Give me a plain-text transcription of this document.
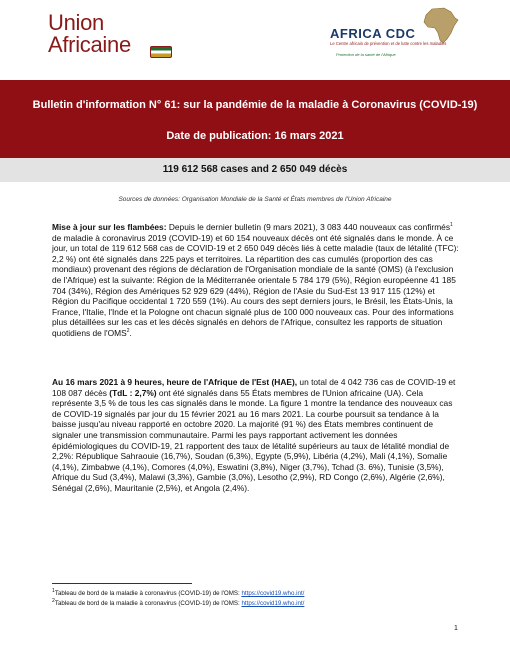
Union
Africaine	AFRICA CDC
Le Centre africain de prévention et de lutte contre les maladies
Protection de la santé de l'Afrique
Bulletin d'information N° 61: sur la pandémie de la maladie à Coronavirus (COVID-19)
Date de publication: 16 mars 2021
119 612 568 cases and 2 650 049 décès
Sources de données: Organisation Mondiale de la Santé et États membres de l'Union Africaine
Mise à jour sur les flambées: Depuis le dernier bulletin (9 mars 2021), 3 083 440 nouveaux cas confirmés$^1$ de maladie à coronavirus 2019 (COVID-19) et 60 154 nouveaux décès ont été signalés dans le monde. À ce jour, un total de 119 612 568 cas de COVID-19 et 2 650 049 décès liés à cette maladie (taux de létalité (TFC): 2,2 %) ont été signalés dans 225 pays et territoires. La répartition des cas cumulés (proportion des cas mondiaux) provenant des régions de déclaration de l'Organisation mondiale de la santé (OMS) (à l'exclusion de l'Afrique) est la suivante: Région de la Méditerranée orientale 5 784 179 (5%), Région européenne 41 185 704 (34%), Région des Amériques 52 929 629 (44%), Région de l'Asie du Sud-Est 13 917 115 (12%) et Région du Pacifique occidental 1 720 559 (1%). Au cours des sept derniers jours, le Brésil, les États-Unis, la France, l'Italie, l'Inde et la Pologne ont chacun signalé plus de 100 000 nouveaux cas. Pour des informations plus détaillées sur les cas et les décès signalés en dehors de l'Afrique, consultez les rapports de situation quotidiens de l'OMS$^2$.
Au 16 mars 2021 à 9 heures, heure de l'Afrique de l'Est (HAE), un total de 4 042 736 cas de COVID-19 et 108 087 décès (TdL : 2,7%) ont été signalés dans 55 États membres de l'Union africaine (UA). Cela représente 3,5 % de tous les cas signalés dans le monde. La figure 1 montre la tendance des nouveaux cas de COVID-19 signalés par jour du 15 février 2021 au 16 mars 2021. La courbe poursuit sa tendance à la baisse jusqu'au niveau rapporté en octobre 2020. La majorité (91 %) des États membres continuent de signaler une transmission communautaire. Parmi les pays rapportant activement les données épidémiologiques du COVID-19, 21 rapportent des taux de létalité supérieurs au taux de létalité mondial de 2,2%: République Sahraouie (16,7%), Soudan (6,3%), Egypte (5,9%), Libéria (4,2%), Mali (4,1%), Somalie (4,1%), Zimbabwe (4,1%), Comores (4,0%), Eswatini (3,8%), Niger (3,7%), Tchad (3. 6%), Tunisie (3,5%), Afrique du Sud (3,4%), Malawi (3,3%), Gambie (3,0%), Lesotho (2,9%), RD Congo (2,6%), Algérie (2,6%), Sénégal (2,6%), Mauritanie (2,5%), et Angola (2,4%).
$^1$Tableau de bord de la maladie à coronavirus (COVID-19) de l'OMS: https://covid19.who.int/
$^2$Tableau de bord de la maladie à coronavirus (COVID-19) de l'OMS: https://covid19.who.int/
1
